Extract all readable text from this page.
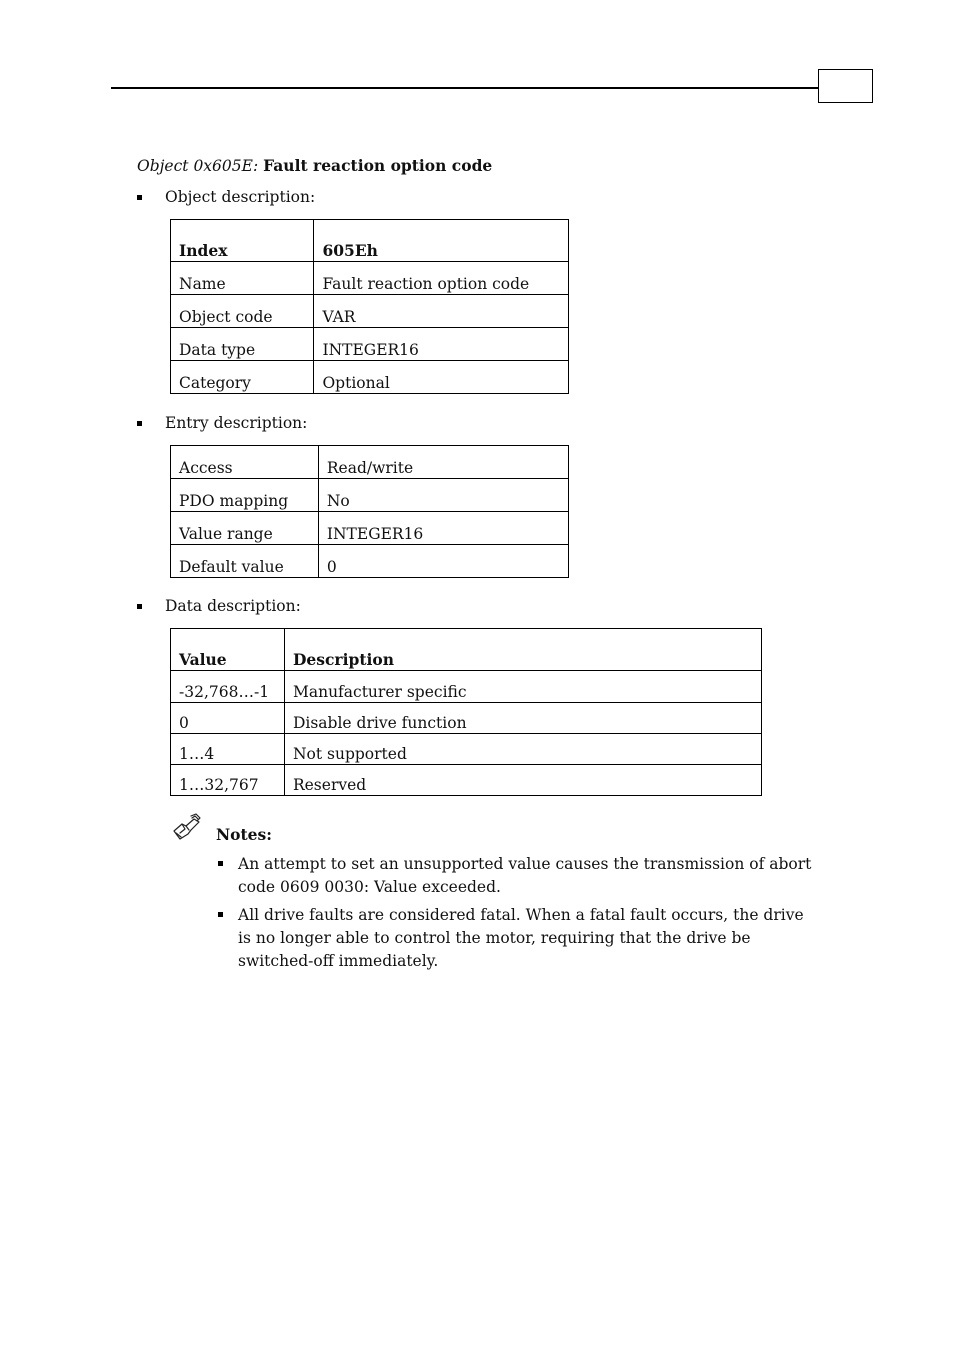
Object 0x605E: Fault reaction option code
Object description:
Index	605Eh
Name	Fault reaction option code
Object code	VAR
Data type	INTEGER16
Category	Optional
Entry description:
Access	Read/write
PDO mapping	No
Value range	INTEGER16
Default value	0
Data description:
Value	Description
-32,768…-1	Manufacturer specific
0	Disable drive function
1…4	Not supported
1…32,767	Reserved
Notes:
An attempt to set an unsupported value causes the transmission of abort code 0609 0030: Value exceeded.
All drive faults are considered fatal. When a fatal fault occurs, the drive is no longer able to control the motor, requiring that the drive be switched-off immediately.
